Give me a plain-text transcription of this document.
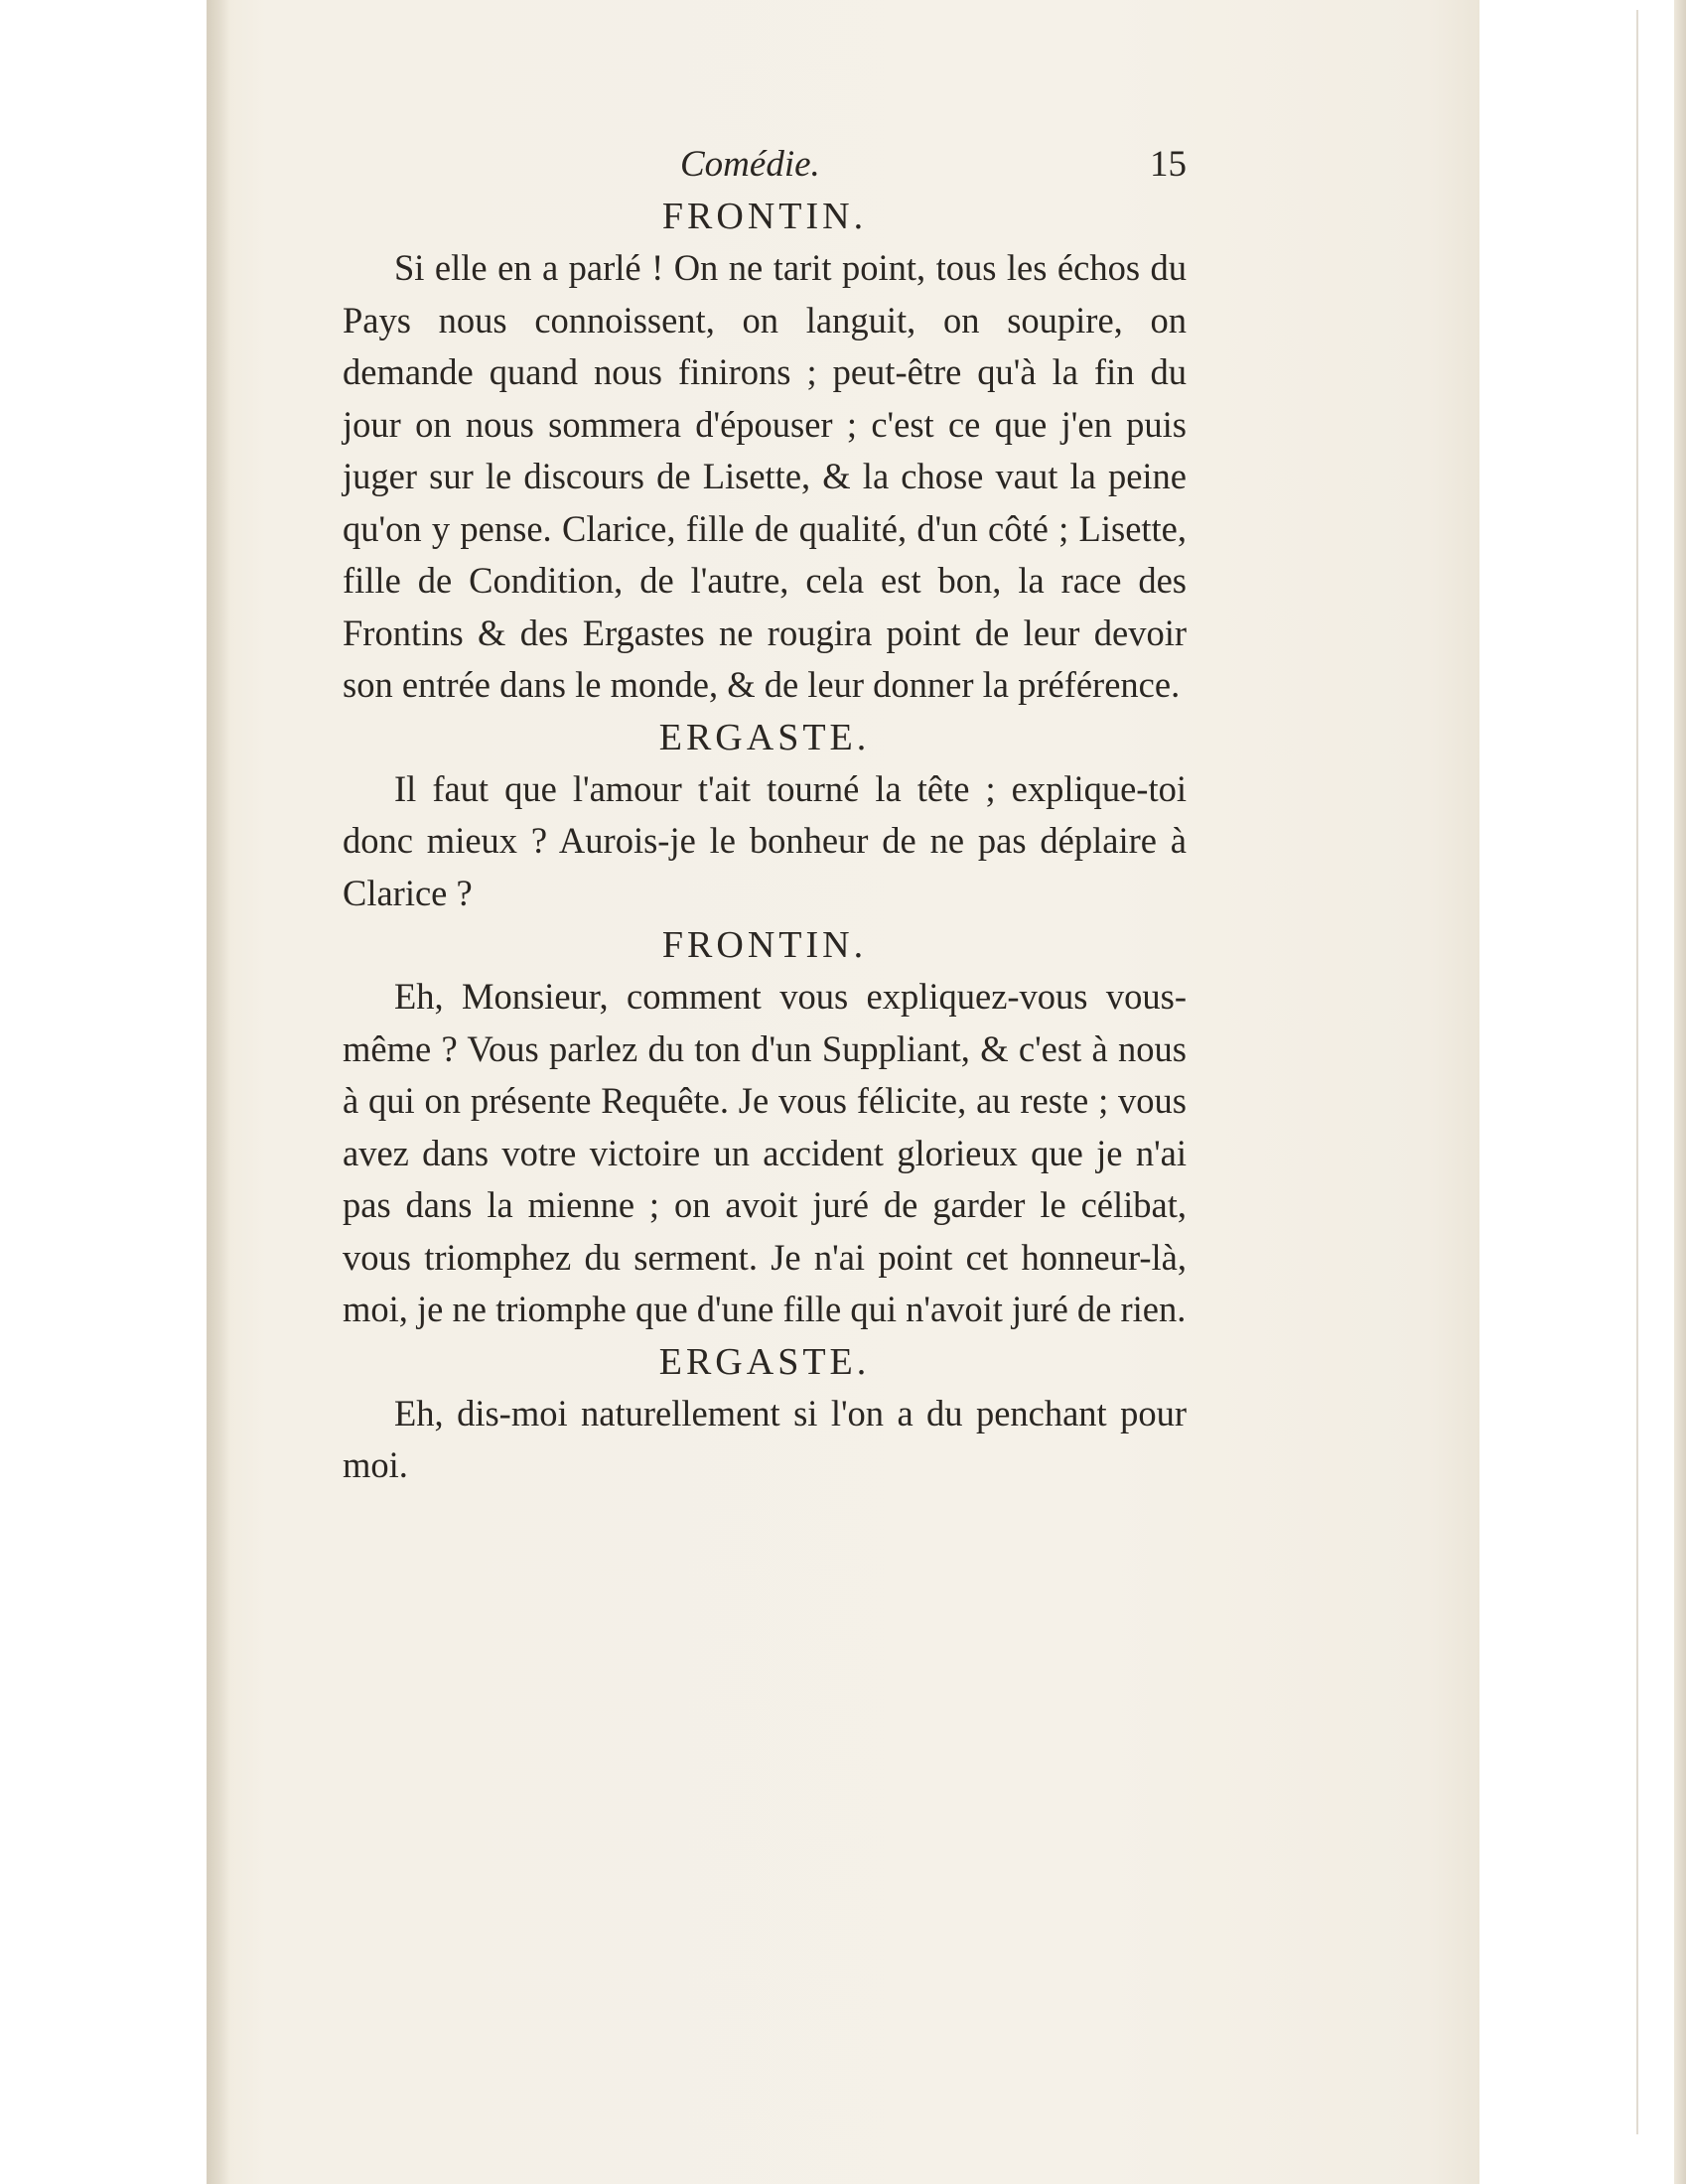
Comédie.	15
FRONTIN.

Si elle en a parlé ! On ne tarit point, tous les échos du Pays nous connoissent, on languit, on soupire, on demande quand nous finirons ; peut-être qu'à la fin du jour on nous sommera d'épouser ; c'est ce que j'en puis juger sur le discours de Lisette, & la chose vaut la peine qu'on y pense. Clarice, fille de qualité, d'un côté ; Lisette, fille de Condition, de l'autre, cela est bon, la race des Frontins & des Ergastes ne rougira point de leur devoir son entrée dans le monde, & de leur donner la préférence.

ERGASTE.

Il faut que l'amour t'ait tourné la tête ; explique-toi donc mieux ? Aurois-je le bonheur de ne pas déplaire à Clarice ?

FRONTIN.

Eh, Monsieur, comment vous expliquez-vous vous-même ? Vous parlez du ton d'un Suppliant, & c'est à nous à qui on présente Requête. Je vous félicite, au reste ; vous avez dans votre victoire un accident glorieux que je n'ai pas dans la mienne ; on avoit juré de garder le célibat, vous triomphez du serment. Je n'ai point cet honneur-là, moi, je ne triomphe que d'une fille qui n'avoit juré de rien.

ERGASTE.

Eh, dis-moi naturellement si l'on a du penchant pour moi.
